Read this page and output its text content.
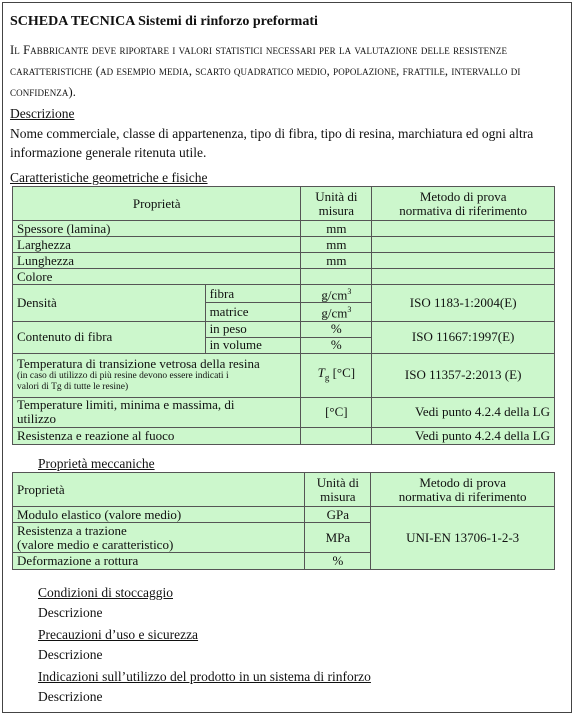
SCHEDA TECNICA Sistemi di rinforzo preformati
Il Fabbricante deve riportare i valori statistici necessari per la valutazione delle resistenze caratteristiche (ad esempio media, scarto quadratico medio, popolazione, frattile, intervallo di confidenza).
Descrizione
Nome commerciale, classe di appartenenza, tipo di fibra, tipo di resina, marchiatura ed ogni altra informazione generale ritenuta utile.
Caratteristiche geometriche e fisiche
Proprietà		Unità di
misura	Metodo di prova
normativa di riferimento
Spessore (lamina)		mm	
Larghezza		mm	
Lunghezza		mm	
Colore			
Densità	fibra	$g/cm^3$	ISO 1183-1:2004(E)
	matrice	$g/cm^3$
Contenuto di fibra	in peso	%	ISO 11667:1997(E)
	in volume	%	

Temperatura di transizione vetrosa della resina
(in caso di utilizzo di più resine devono essere indicati i
valori di Tg di tutte le resine)		$T_g$ [°C]	ISO 11357-2:2013 (E)
Temperature limiti, minima e massima, di
utilizzo		[°C]	Vedi punto 4.2.4 della LG
Resistenza e reazione al fuoco			Vedi punto 4.2.4 della LG
Proprietà meccaniche
Proprietà	Unità di
misura	Metodo di prova
normativa di riferimento
Modulo elastico (valore medio)	GPa	UNI-EN 13706-1-2-3
Resistenza a trazione
(valore medio e caratteristico)	MPa	
Deformazione a rottura	%	
Condizioni di stoccaggio
Descrizione
Precauzioni d’uso e sicurezza
Descrizione
Indicazioni sull’utilizzo del prodotto in un sistema di rinforzo
Descrizione
